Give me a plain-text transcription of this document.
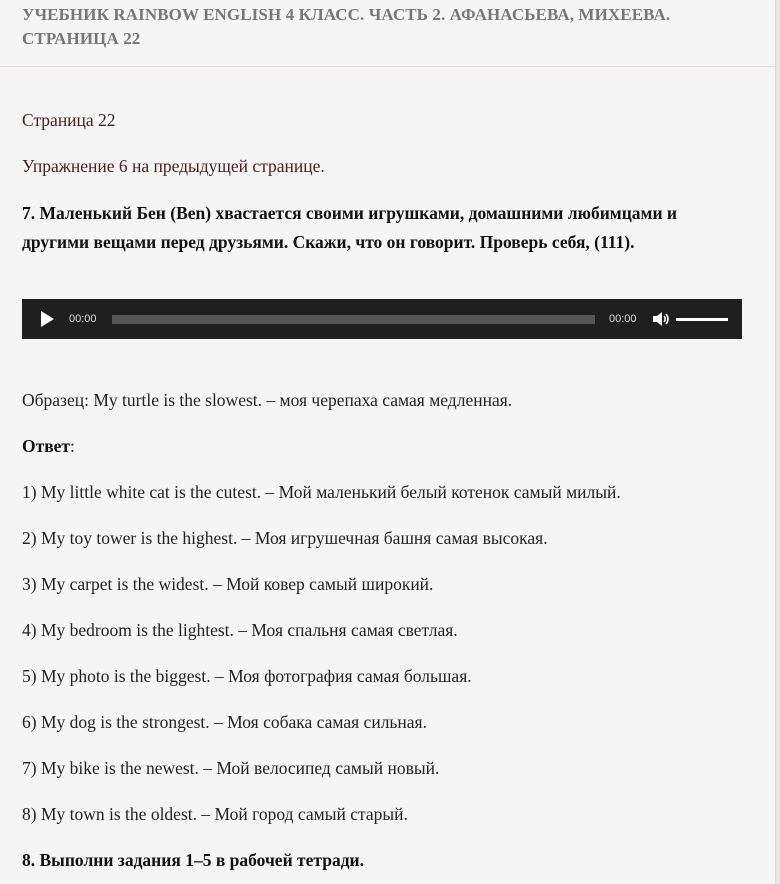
УЧЕБНИК RAINBOW ENGLISH 4 КЛАСС. ЧАСТЬ 2. АФАНАСЬЕВА, МИХЕЕВА. СТРАНИЦА 22

Страница 22

Упражнение 6 на предыдущей странице.

7. Маленький Бен (Ben) хвастается своими игрушками, домашними любимцами и другими вещами перед друзьями. Скажи, что он говорит. Проверь себя, (111).

00:00	00:00

Образец: My turtle is the slowest. – моя черепаха самая медленная.

Ответ:

1) My little white cat is the cutest. – Мой маленький белый котенок самый милый.

2) My toy tower is the highest. – Моя игрушечная башня самая высокая.

3) My carpet is the widest. – Мой ковер самый широкий.

4) My bedroom is the lightest. – Моя спальня самая светлая.

5) My photo is the biggest. – Моя фотография самая большая.

6) My dog is the strongest. – Моя собака самая сильная.

7) My bike is the newest. – Мой велосипед самый новый.

8) My town is the oldest. – Мой город самый старый.

8. Выполни задания 1–5 в рабочей тетради.
